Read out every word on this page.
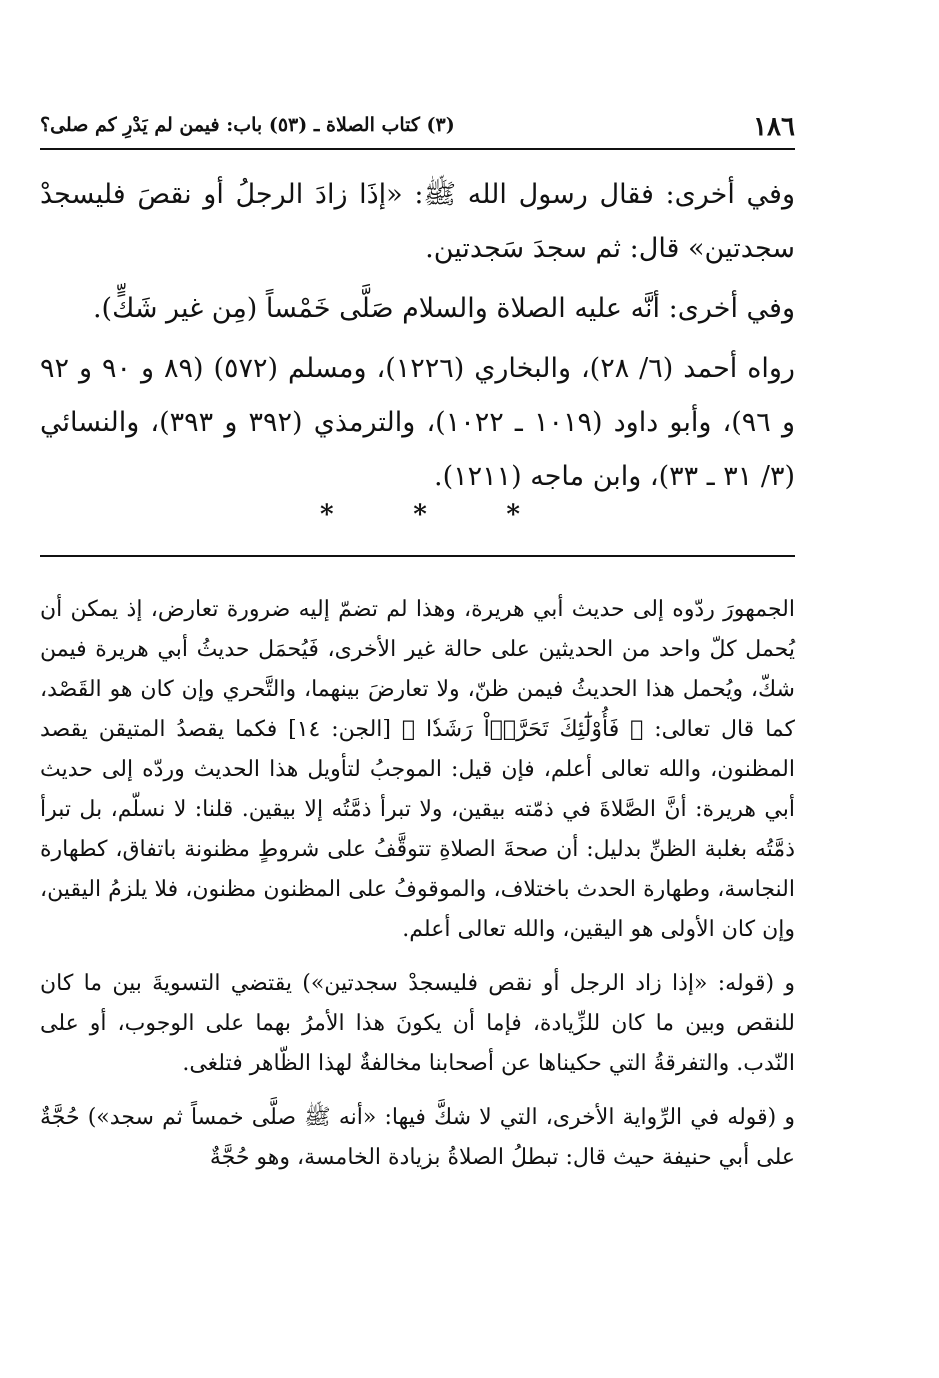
١٨٦
(٣) كتاب الصلاة ـ (٥٣) باب: فيمن لم يَدْرِ كم صلى؟

وفي أخرى: فقال رسول الله ﷺ: «إذَا زادَ الرجلُ أو نقصَ فليسجدْ سجدتين» قال: ثم سجدَ سَجدتين.

وفي أخرى: أنَّه عليه الصلاة والسلام صَلَّى خَمْساً (مِن غير شَكٍّ).

رواه أحمد (٦/ ٢٨)، والبخاري (١٢٢٦)، ومسلم (٥٧٢) (٨٩ و ٩٠ و ٩٢ و ٩٦)، وأبو داود (١٠١٩ ـ ١٠٢٢)، والترمذي (٣٩٢ و ٣٩٣)، والنسائي (٣/ ٣١ ـ ٣٣)، وابن ماجه (١٢١١).

*	*	*

الجمهورَ ردّوه إلى حديث أبي هريرة، وهذا لم تضمّ إليه ضرورة تعارض، إذ يمكن أن يُحمل كلّ واحد من الحديثين على حالة غير الأخرى، فَيُحمَل حديثُ أبي هريرة فيمن شكّ، ويُحمل هذا الحديثُ فيمن ظنّ، ولا تعارضَ بينهما، والتَّحري وإن كان هو القَصْد، كما قال تعالى: ﴿ فَأُوْلَٰٓئِكَ تَحَرَّوۡاْ رَشَدٗا ﴾ [الجن: ١٤] فكما يقصدُ المتيقن يقصد المظنون، والله تعالى أعلم، فإن قيل: الموجبُ لتأويل هذا الحديث وردّه إلى حديث أبي هريرة: أنَّ الصَّلاةَ في ذمّته بيقين، ولا تبرأ ذمَّتُه إلا بيقين. قلنا: لا نسلّم، بل تبرأ ذمَّتُه بغلبة الظنِّ بدليل: أن صحةَ الصلاةِ تتوقَّفُ على شروطٍ مظنونة باتفاق، كطهارة النجاسة، وطهارة الحدث باختلاف، والموقوفُ على المظنون مظنون، فلا يلزمُ اليقين، وإن كان الأولى هو اليقين، والله تعالى أعلم.

و (قوله: «إذا زاد الرجل أو نقص فليسجدْ سجدتين») يقتضي التسويةَ بين ما كان للنقص وبين ما كان للزِّيادة، فإما أن يكونَ هذا الأمرُ بهما على الوجوب، أو على النّدب. والتفرقةُ التي حكيناها عن أصحابنا مخالفةٌ لهذا الظّاهر فتلغى.

و (قوله في الرِّواية الأخرى، التي لا شكَّ فيها: «أنه ﷺ صلَّى خمساً ثم سجد») حُجَّةٌ على أبي حنيفة حيث قال: تبطلُ الصلاةُ بزيادة الخامسة، وهو حُجَّةٌ
